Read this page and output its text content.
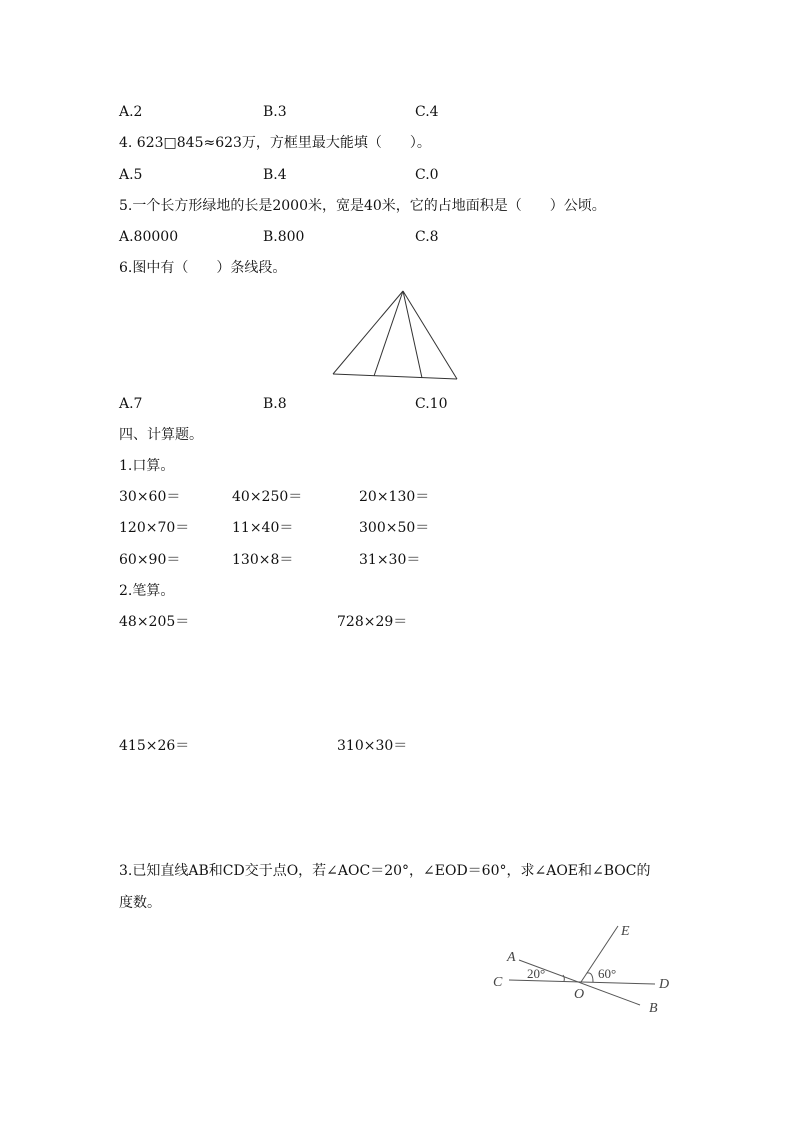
A.2	B.3	C.4
4. 623□845≈623万，方框里最大能填（　　）。
A.5	B.4	C.0
5.一个长方形绿地的长是2000米，宽是40米，它的占地面积是（　　）公顷。
A.80000	B.800	C.8
6.图中有（　　）条线段。
A.7	B.8	C.10
四、计算题。
1.口算。
30×60＝	40×250＝	20×130＝
120×70＝	11×40＝	300×50＝
60×90＝	130×8＝	31×30＝
2.笔算。
48×205＝	728×29＝
415×26＝	310×30＝
3.已知直线AB和CD交于点O，若∠AOC＝20°，∠EOD＝60°，求∠AOE和∠BOC的
度数。
A
C
O
D
B
E
20°	60°
